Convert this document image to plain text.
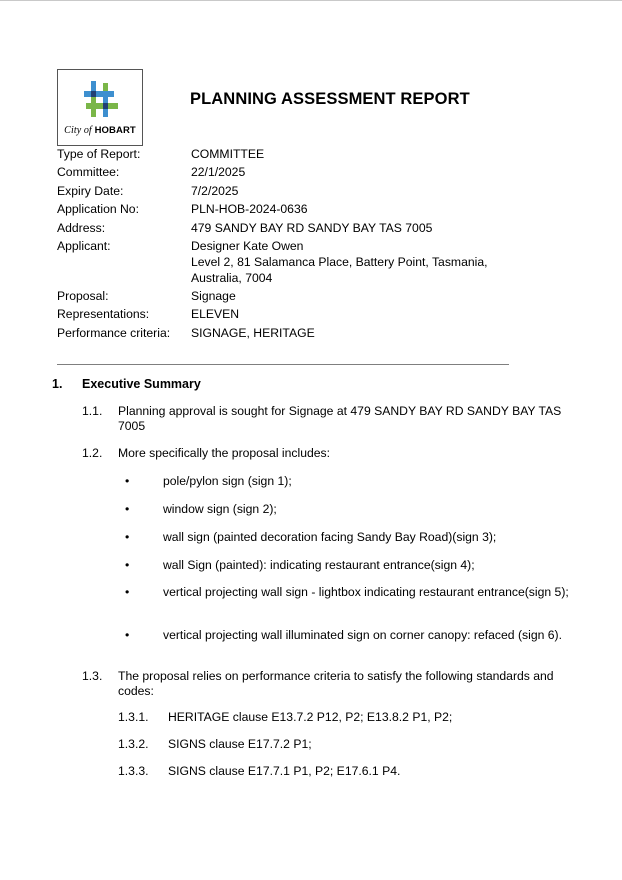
City of HOBART
PLANNING ASSESSMENT REPORT
Type of Report:	COMMITTEE
Committee:	22/1/2025
Expiry Date:	7/2/2025
Application No:	PLN-HOB-2024-0636
Address:	479 SANDY BAY RD SANDY BAY TAS 7005
Applicant:	Designer Kate Owen
Level 2, 81 Salamanca Place, Battery Point, Tasmania,
Australia, 7004
Proposal:	Signage
Representations:	ELEVEN
Performance criteria:	SIGNAGE, HERITAGE
1. Executive Summary
1.1. Planning approval is sought for Signage at 479 SANDY BAY RD SANDY BAY TAS 7005
1.2. More specifically the proposal includes:
•	pole/pylon sign (sign 1);
•	window sign (sign 2);
•	wall sign (painted decoration facing Sandy Bay Road)(sign 3);
•	wall Sign (painted): indicating restaurant entrance(sign 4);
•	vertical projecting wall sign - lightbox indicating restaurant entrance(sign 5);
•	vertical projecting wall illuminated sign on corner canopy: refaced (sign 6).
1.3. The proposal relies on performance criteria to satisfy the following standards and codes:
1.3.1. HERITAGE clause E13.7.2 P12, P2; E13.8.2 P1, P2;
1.3.2. SIGNS clause E17.7.2 P1;
1.3.3. SIGNS clause E17.7.1 P1, P2; E17.6.1 P4.
